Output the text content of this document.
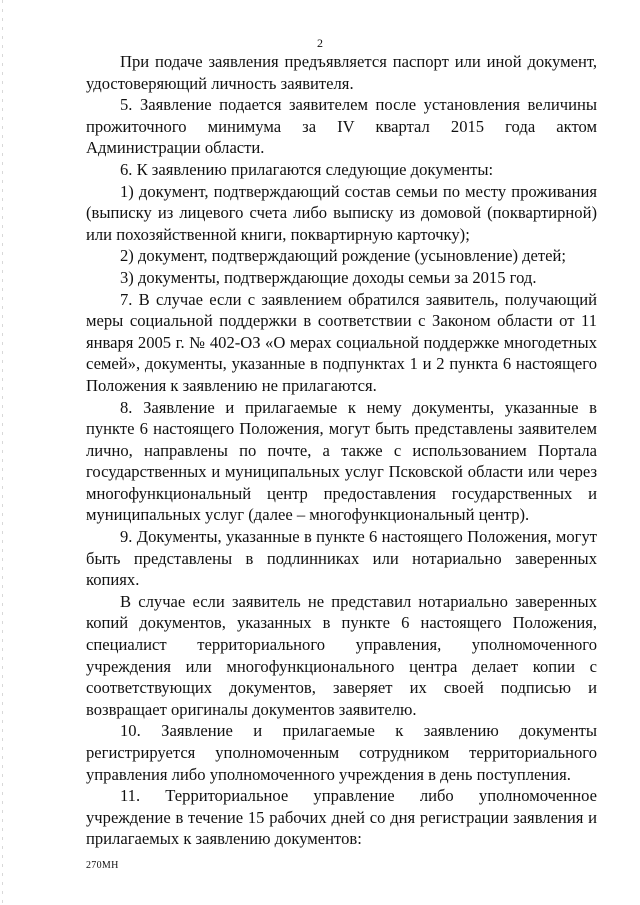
2

При подаче заявления предъявляется паспорт или иной документ, удостоверяющий личность заявителя.

5. Заявление подается заявителем после установления величины прожиточного минимума за IV квартал 2015 года актом Администрации области.

6. К заявлению прилагаются следующие документы:

1) документ, подтверждающий состав семьи по месту проживания (выписку из лицевого счета либо выписку из домовой (поквартирной) или похозяйственной книги, поквартирную карточку);

2) документ, подтверждающий рождение (усыновление) детей;

3) документы, подтверждающие доходы семьи за 2015 год.

7. В случае если с заявлением обратился заявитель, получающий меры социальной поддержки в соответствии с Законом области от 11 января 2005 г. № 402-ОЗ «О мерах социальной поддержке многодетных семей», документы, указанные в подпунктах 1 и 2 пункта 6 настоящего Положения к заявлению не прилагаются.

8. Заявление и прилагаемые к нему документы, указанные в пункте 6 настоящего Положения, могут быть представлены заявителем лично, направлены по почте, а также с использованием Портала государственных и муниципальных услуг Псковской области или через многофункциональный центр предоставления государственных и муниципальных услуг (далее – многофункциональный центр).

9. Документы, указанные в пункте 6 настоящего Положения, могут быть представлены в подлинниках или нотариально заверенных копиях.

В случае если заявитель не представил нотариально заверенных копий документов, указанных в пункте 6 настоящего Положения, специалист территориального управления, уполномоченного учреждения или многофункционального центра делает копии с соответствующих документов, заверяет их своей подписью и возвращает оригиналы документов заявителю.

10. Заявление и прилагаемые к заявлению документы регистрируется уполномоченным сотрудником территориального управления либо уполномоченного учреждения в день поступления.

11. Территориальное управление либо уполномоченное учреждение в течение 15 рабочих дней со дня регистрации заявления и прилагаемых к заявлению документов:

270МН
